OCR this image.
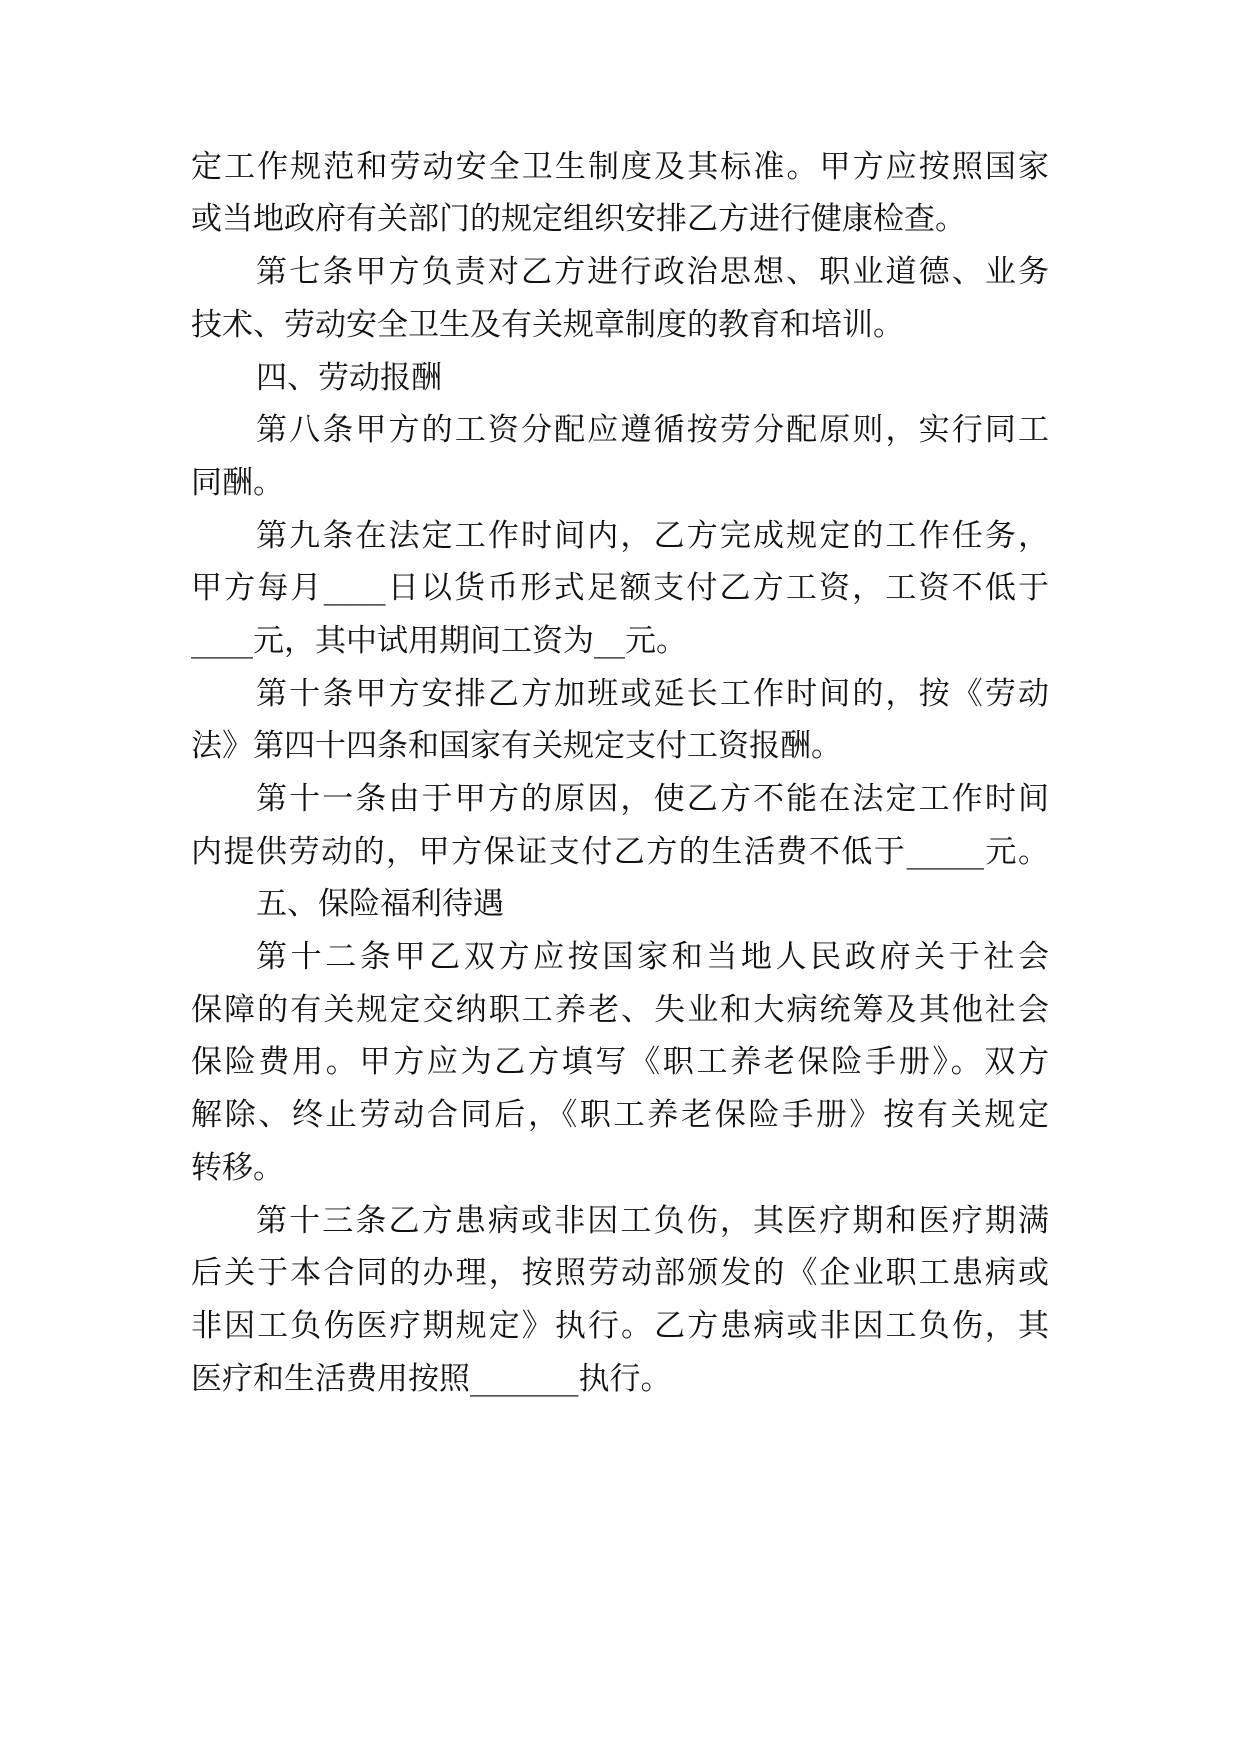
定工作规范和劳动安全卫生制度及其标准。甲方应按照国家
或当地政府有关部门的规定组织安排乙方进行健康检查。
第七条甲方负责对乙方进行政治思想、职业道德、业务
技术、劳动安全卫生及有关规章制度的教育和培训。
四、劳动报酬
第八条甲方的工资分配应遵循按劳分配原则，实行同工
同酬。
第九条在法定工作时间内，乙方完成规定的工作任务，
甲方每月____日以货币形式足额支付乙方工资，工资不低于
____元，其中试用期间工资为__元。
第十条甲方安排乙方加班或延长工作时间的，按《劳动
法》第四十四条和国家有关规定支付工资报酬。
第十一条由于甲方的原因，使乙方不能在法定工作时间
内提供劳动的，甲方保证支付乙方的生活费不低于_____元。
五、保险福利待遇
第十二条甲乙双方应按国家和当地人民政府关于社会
保障的有关规定交纳职工养老、失业和大病统筹及其他社会
保险费用。甲方应为乙方填写《职工养老保险手册》。双方
解除、终止劳动合同后，《职工养老保险手册》按有关规定
转移。
第十三条乙方患病或非因工负伤，其医疗期和医疗期满
后关于本合同的办理，按照劳动部颁发的《企业职工患病或
非因工负伤医疗期规定》执行。乙方患病或非因工负伤，其
医疗和生活费用按照_______执行。
